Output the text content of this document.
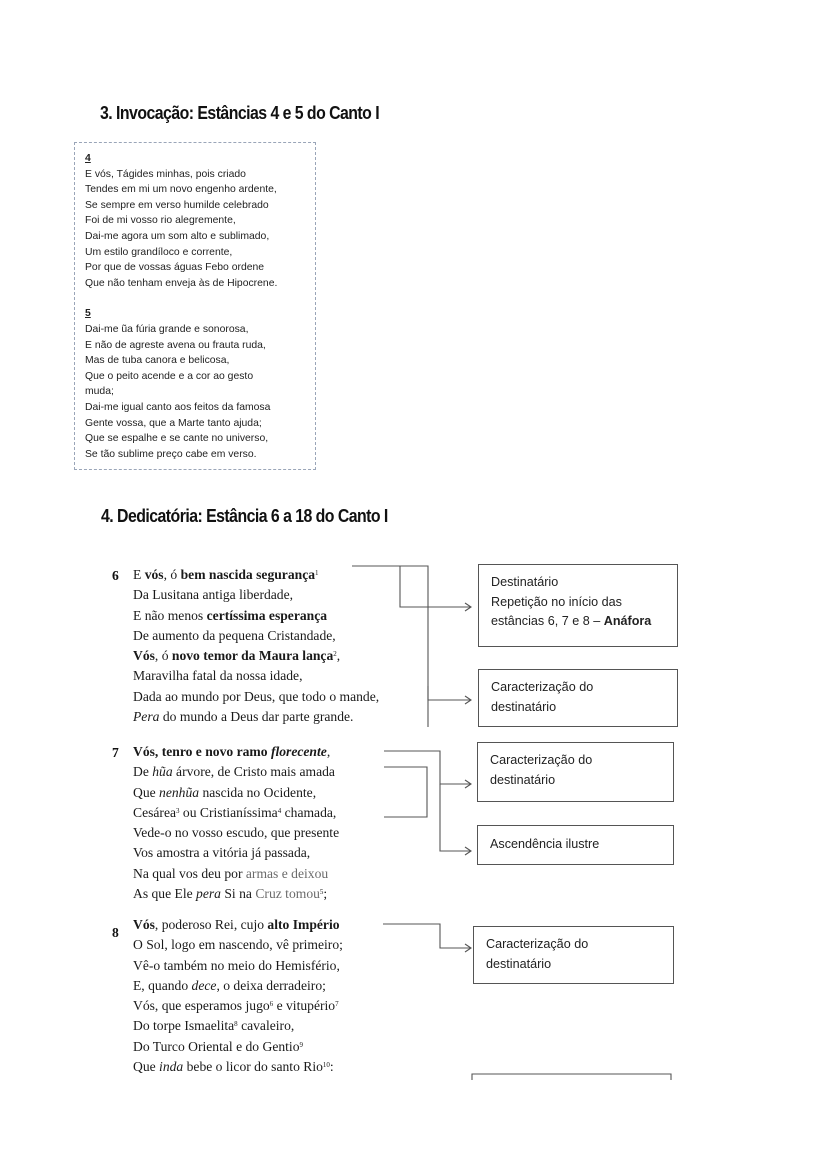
3. Invocação: Estâncias 4 e 5 do Canto I
4. Dedicatória: Estância 6 a 18 do Canto I
4
E vós, Tágides minhas, pois criado
Tendes em mi um novo engenho ardente,
Se sempre em verso humilde celebrado
Foi de mi vosso rio alegremente,
Dai-me agora um som alto e sublimado,
Um estilo grandíloco e corrente,
Por que de vossas águas Febo ordene
Que não tenham enveja às de Hipocrene.
5
Dai-me ũa fúria grande e sonorosa,
E não de agreste avena ou frauta ruda,
Mas de tuba canora e belicosa,
Que o peito acende e a cor ao gesto
muda;
Dai-me igual canto aos feitos da famosa
Gente vossa, que a Marte tanto ajuda;
Que se espalhe e se cante no universo,
Se tão sublime preço cabe em verso.
Destinatário
Repetição no início das estâncias 6, 7 e 8 – Anáfora
Caracterização do
destinatário
Caracterização do
destinatário
Ascendência ilustre
Caracterização do
destinatário
6 E vós, ó bem nascida segurança$^1$
Da Lusitana antiga liberdade,
E não menos certíssima esperança
De aumento da pequena Cristandade,
Vós, ó novo temor da Maura lança$^2$,
Maravilha fatal da nossa idade,
Dada ao mundo por Deus, que todo o mande,
Pera do mundo a Deus dar parte grande.
7 Vós, tenro e novo ramo florecente,
De hũa árvore, de Cristo mais amada
Que nenhũa nascida no Ocidente,
Cesárea$^3$ ou Cristianíssima$^4$ chamada,
Vede-o no vosso escudo, que presente
Vos amostra a vitória já passada,
Na qual vos deu por armas e deixou
As que Ele pera Si na Cruz tomou$^5$;
8
Vós, poderoso Rei, cujo alto Império
O Sol, logo em nascendo, vê primeiro;
Vê-o também no meio do Hemisfério,
E, quando dece, o deixa derradeiro;
Vós, que esperamos jugo$^6$ e vitupério$^7$
Do torpe Ismaelita$^8$ cavaleiro,
Do Turco Oriental e do Gentio$^9$
Que inda bebe o licor do santo Rio$^{10}$:
